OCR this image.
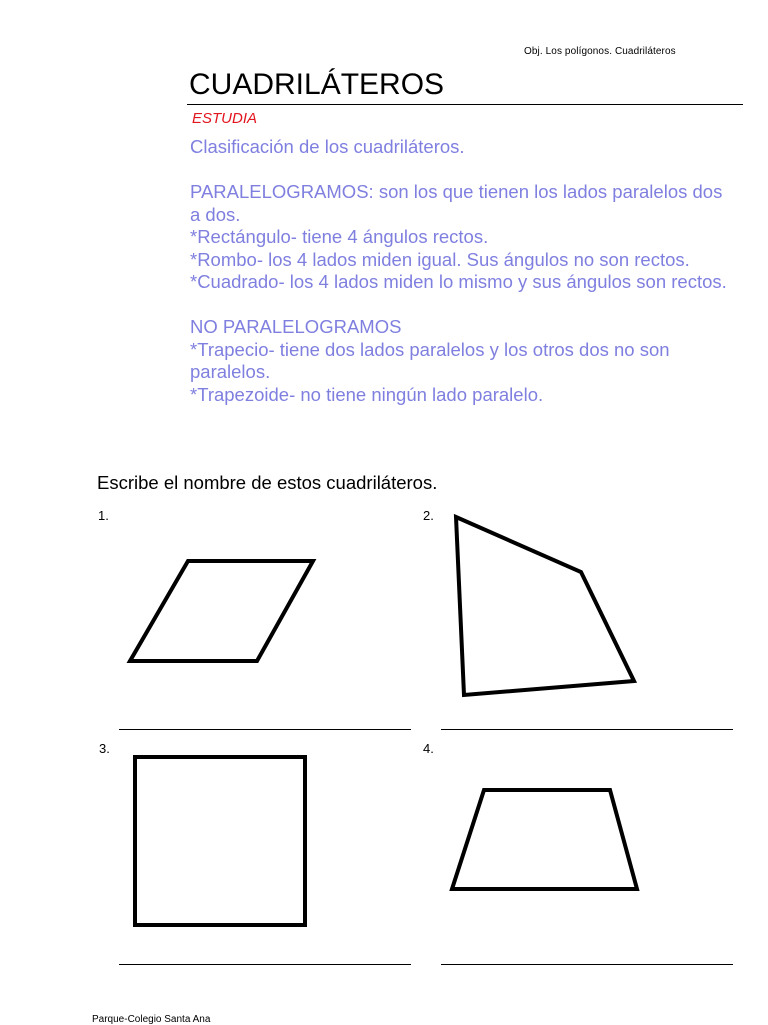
Obj. Los polígonos. Cuadriláteros
CUADRILÁTEROS
ESTUDIA

Clasificación de los cuadriláteros.

PARALELOGRAMOS: son los que tienen los lados paralelos dos a dos.

*Rectángulo- tiene 4 ángulos rectos.

*Rombo- los 4 lados miden igual. Sus ángulos no son rectos.

*Cuadrado- los 4 lados miden lo mismo y sus ángulos son rectos.

NO PARALELOGRAMOS

*Trapecio- tiene dos lados paralelos y los otros dos no son paralelos.

*Trapezoide- no tiene ningún lado paralelo.

Escribe el nombre de estos cuadriláteros.
1.	2.
3.	4.
Parque-Colegio Santa Ana
